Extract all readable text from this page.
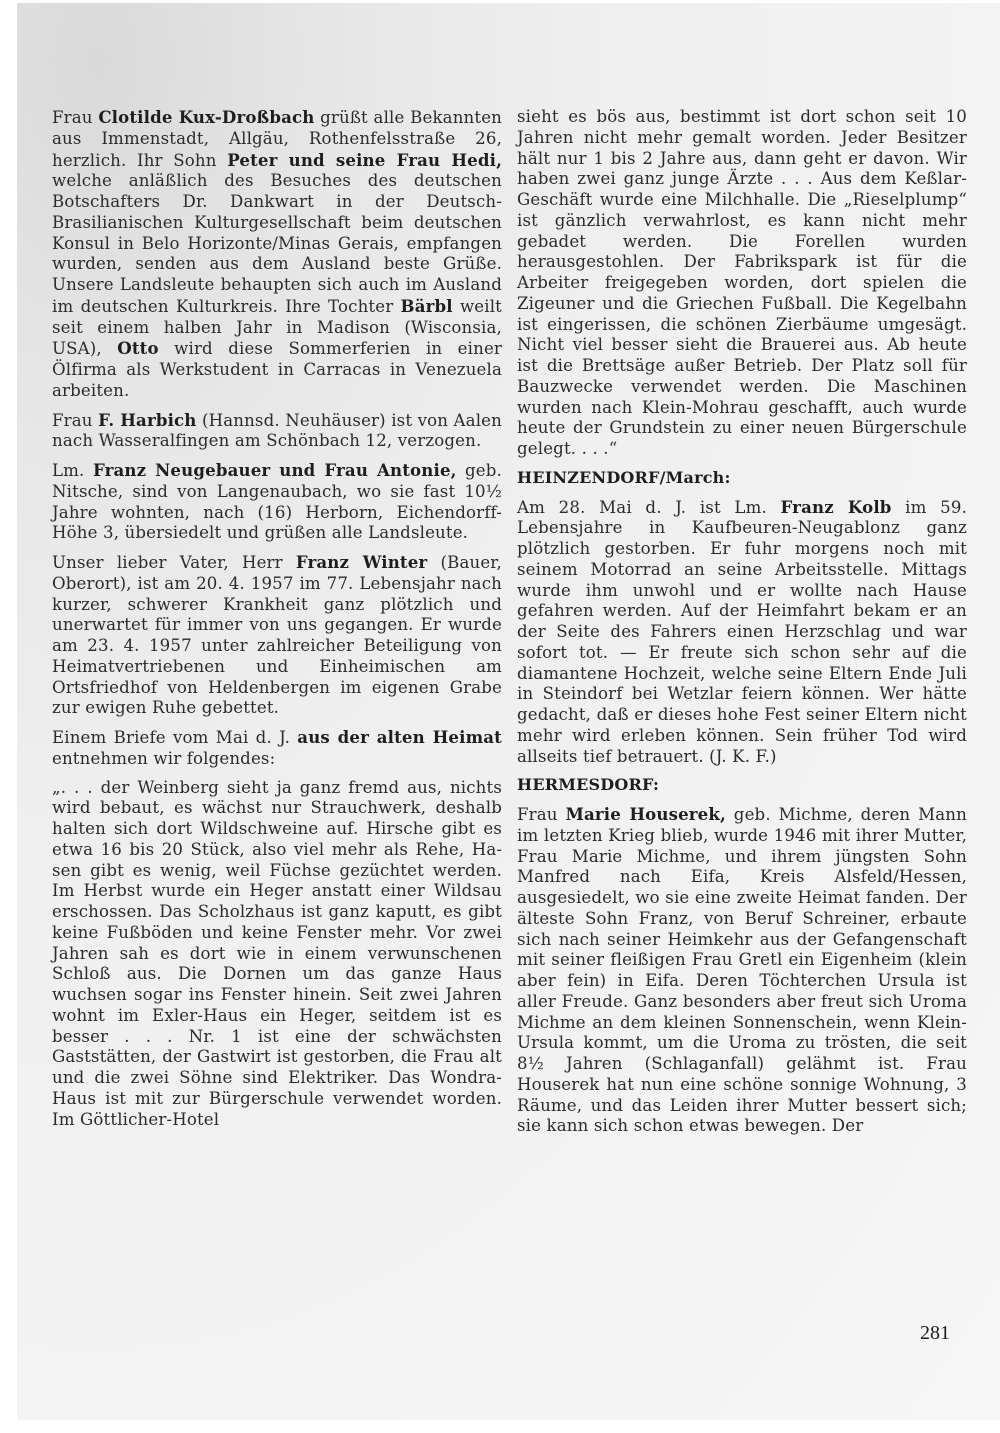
Frau Clotilde Kux-Droßbach grüßt alle Bekannten aus Immenstadt, Allgäu, Rothenfelsstraße 26, herzlich. Ihr Sohn Peter und seine Frau Hedi, welche anläßlich des Besuches des deutschen Botschafters Dr. Dankwart in der Deutsch-Brasilianischen Kulturgesellschaft beim deutschen Konsul in Belo Horizonte/Minas Gerais, empfangen wurden, senden aus dem Ausland beste Grüße. Unsere Landsleute behaupten sich auch im Ausland im deutschen Kulturkreis. Ihre Tochter Bärbl weilt seit einem halben Jahr in Madison (Wisconsia, USA), Otto wird diese Sommerferien in einer Ölfirma als Werkstudent in Carracas in Venezuela arbeiten.

Frau F. Harbich (Hannsd. Neuhäuser) ist von Aalen nach Wasseralfingen am Schönbach 12, verzogen.

Lm. Franz Neugebauer und Frau Antonie, geb. Nitsche, sind von Langenaubach, wo sie fast 10½ Jahre wohnten, nach (16) Herborn, Eichendorff-Höhe 3, übersiedelt und grüßen alle Landsleute.

Unser lieber Vater, Herr Franz Winter (Bauer, Oberort), ist am 20. 4. 1957 im 77. Lebensjahr nach kurzer, schwerer Krankheit ganz plötzlich und unerwartet für immer von uns gegangen. Er wurde am 23. 4. 1957 unter zahlreicher Beteiligung von Heimatvertriebenen und Einheimischen am Ortsfriedhof von Heldenbergen im eigenen Grabe zur ewigen Ruhe gebettet.

Einem Briefe vom Mai d. J. aus der alten Heimat entnehmen wir folgendes:

„. . . der Weinberg sieht ja ganz fremd aus, nichts wird bebaut, es wächst nur Strauchwerk, deshalb halten sich dort Wildschweine auf. Hirsche gibt es etwa 16 bis 20 Stück, also viel mehr als Rehe, Hasen gibt es wenig, weil Füchse gezüchtet werden. Im Herbst wurde ein Heger anstatt einer Wildsau erschossen. Das Scholzhaus ist ganz kaputt, es gibt keine Fußböden und keine Fenster mehr. Vor zwei Jahren sah es dort wie in einem verwunschenen Schloß aus. Die Dornen um das ganze Haus wuchsen sogar ins Fenster hinein. Seit zwei Jahren wohnt im Exler-Haus ein Heger, seitdem ist es besser . . . Nr. 1 ist eine der schwächsten Gaststätten, der Gastwirt ist gestorben, die Frau alt und die zwei Söhne sind Elektriker. Das Wondra-Haus ist mit zur Bürgerschule verwendet worden. Im Göttlicher-Hotel

sieht es bös aus, bestimmt ist dort schon seit 10 Jahren nicht mehr gemalt worden. Jeder Besitzer hält nur 1 bis 2 Jahre aus, dann geht er davon. Wir haben zwei ganz junge Ärzte . . . Aus dem Keßlar-Geschäft wurde eine Milchhalle. Die „Rieselplump“ ist gänzlich verwahrlost, es kann nicht mehr gebadet werden. Die Forellen wurden herausgestohlen. Der Fabrikspark ist für die Arbeiter freigegeben worden, dort spielen die Zigeuner und die Griechen Fußball. Die Kegelbahn ist eingerissen, die schönen Zierbäume umgesägt. Nicht viel besser sieht die Brauerei aus. Ab heute ist die Brettsäge außer Betrieb. Der Platz soll für Bauzwecke verwendet werden. Die Maschinen wurden nach Klein-Mohrau geschafft, auch wurde heute der Grundstein zu einer neuen Bürgerschule gelegt. . . .“

HEINZENDORF/March:

Am 28. Mai d. J. ist Lm. Franz Kolb im 59. Lebensjahre in Kaufbeuren-Neugablonz ganz plötzlich gestorben. Er fuhr morgens noch mit seinem Motorrad an seine Arbeitsstelle. Mittags wurde ihm unwohl und er wollte nach Hause gefahren werden. Auf der Heimfahrt bekam er an der Seite des Fahrers einen Herzschlag und war sofort tot. — Er freute sich schon sehr auf die diamantene Hochzeit, welche seine Eltern Ende Juli in Steindorf bei Wetzlar feiern können. Wer hätte gedacht, daß er dieses hohe Fest seiner Eltern nicht mehr wird erleben können. Sein früher Tod wird allseits tief betrauert. (J. K. F.)

HERMESDORF:

Frau Marie Houserek, geb. Michme, deren Mann im letzten Krieg blieb, wurde 1946 mit ihrer Mutter, Frau Marie Michme, und ihrem jüngsten Sohn Manfred nach Eifa, Kreis Alsfeld/Hessen, ausgesiedelt, wo sie eine zweite Heimat fanden. Der älteste Sohn Franz, von Beruf Schreiner, erbaute sich nach seiner Heimkehr aus der Gefangenschaft mit seiner fleißigen Frau Gretl ein Eigenheim (klein aber fein) in Eifa. Deren Töchterchen Ursula ist aller Freude. Ganz besonders aber freut sich Uroma Michme an dem kleinen Sonnenschein, wenn Klein-Ursula kommt, um die Uroma zu trösten, die seit 8½ Jahren (Schlaganfall) gelähmt ist. Frau Houserek hat nun eine schöne sonnige Wohnung, 3 Räume, und das Leiden ihrer Mutter bessert sich; sie kann sich schon etwas bewegen. Der

281
